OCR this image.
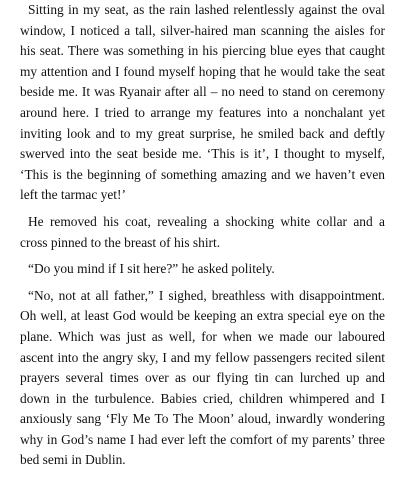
Sitting in my seat, as the rain lashed relentlessly against the oval window, I noticed a tall, silver-haired man scanning the aisles for his seat. There was something in his piercing blue eyes that caught my attention and I found myself hoping that he would take the seat beside me. It was Ryanair after all – no need to stand on ceremony around here. I tried to arrange my features into a nonchalant yet inviting look and to my great surprise, he smiled back and deftly swerved into the seat beside me. ‘This is it’, I thought to myself, ‘This is the beginning of something amazing and we haven’t even left the tarmac yet!’

He removed his coat, revealing a shocking white collar and a cross pinned to the breast of his shirt.

“Do you mind if I sit here?” he asked politely.

“No, not at all father,” I sighed, breathless with disappointment. Oh well, at least God would be keeping an extra special eye on the plane. Which was just as well, for when we made our laboured ascent into the angry sky, I and my fellow passengers recited silent prayers several times over as our flying tin can lurched up and down in the turbulence. Babies cried, children whimpered and I anxiously sang ‘Fly Me To The Moon’ aloud, inwardly wondering why in God’s name I had ever left the comfort of my parents’ three bed semi in Dublin.
